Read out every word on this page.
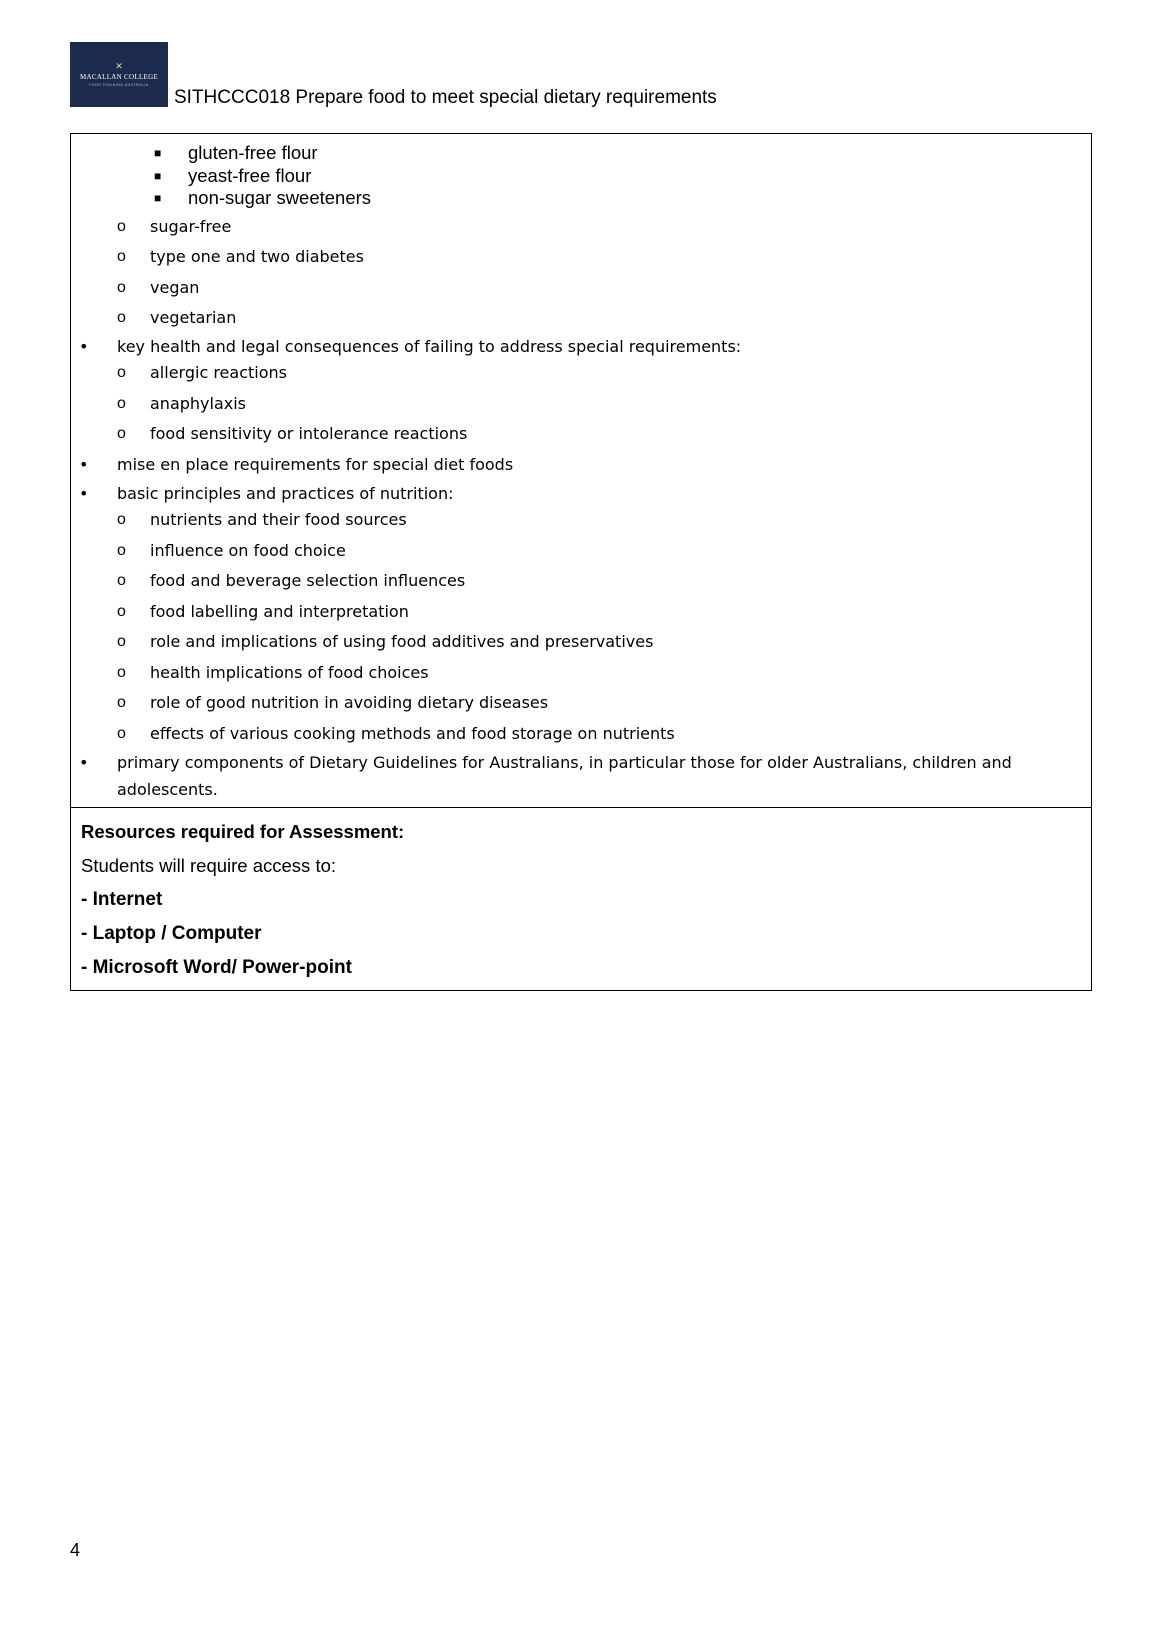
✕
MACALLAN COLLEGE
FOOD TRAINING AUSTRALIA
SITHCCC018 Prepare food to meet special dietary requirements
■ gluten-free flour
■ yeast-free flour
■ non-sugar sweeteners
o sugar-free
o type one and two diabetes
o vegan
o vegetarian
• key health and legal consequences of failing to address special requirements:
o allergic reactions
o anaphylaxis
o food sensitivity or intolerance reactions
• mise en place requirements for special diet foods
• basic principles and practices of nutrition:
o nutrients and their food sources
o influence on food choice
o food and beverage selection influences
o food labelling and interpretation
o role and implications of using food additives and preservatives
o health implications of food choices
o role of good nutrition in avoiding dietary diseases
o effects of various cooking methods and food storage on nutrients
• primary components of Dietary Guidelines for Australians, in particular those for older Australians, children and adolescents.
Resources required for Assessment:
Students will require access to:
- Internet
- Laptop / Computer
- Microsoft Word/ Power-point
4
